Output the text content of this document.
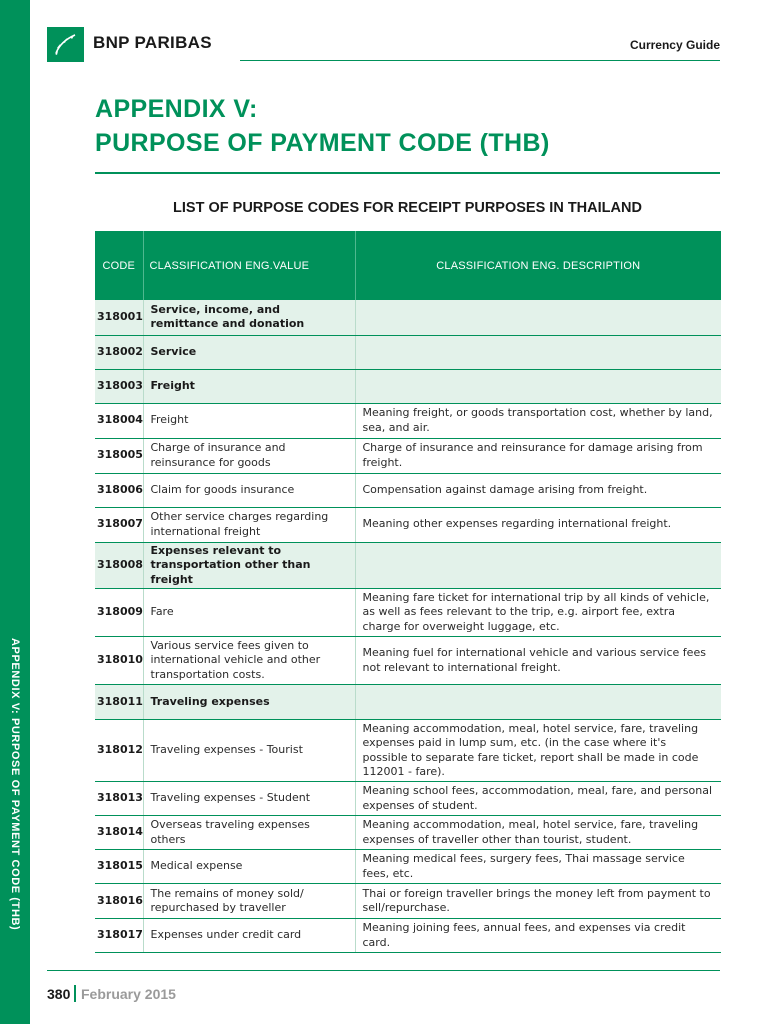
APPENDIX V: PURPOSE OF PAYMENT CODE (THB)
BNP PARIBAS	Currency Guide
APPENDIX V:
PURPOSE OF PAYMENT CODE (THB)
LIST OF PURPOSE CODES FOR RECEIPT PURPOSES IN THAILAND
CODE	CLASSIFICATION ENG.VALUE	CLASSIFICATION ENG. DESCRIPTION
318001	Service, income, and remittance and donation	
318002	Service	
318003	Freight	
318004	Freight	Meaning freight, or goods transportation cost, whether by land, sea, and air.
318005	Charge of insurance and reinsurance for goods	Charge of insurance and reinsurance for damage arising from freight.
318006	Claim for goods insurance	Compensation against damage arising from freight.
318007	Other service charges regarding international freight	Meaning other expenses regarding international freight.
318008	Expenses relevant to transportation other than freight	
318009	Fare	Meaning fare ticket for international trip by all kinds of vehicle, as well as fees relevant to the trip, e.g. airport fee, extra charge for overweight luggage, etc.
318010	Various service fees given to international vehicle and other transportation costs.	Meaning fuel for international vehicle and various service fees not relevant to international freight.
318011	Traveling expenses	
318012	Traveling expenses - Tourist	Meaning accommodation, meal, hotel service, fare, traveling expenses paid in lump sum, etc. (in the case where it's possible to separate fare ticket, report shall be made in code 112001 - fare).
318013	Traveling expenses - Student	Meaning school fees, accommodation, meal, fare, and personal expenses of student.
318014	Overseas traveling expenses others	Meaning accommodation, meal, hotel service, fare, traveling expenses of traveller other than tourist, student.
318015	Medical expense	Meaning medical fees, surgery fees, Thai massage service fees, etc.
318016	The remains of money sold/ repurchased by traveller	Thai or foreign traveller brings the money left from payment to sell/repurchase.
318017	Expenses under credit card	Meaning joining fees, annual fees, and expenses via credit card.
380 February 2015
